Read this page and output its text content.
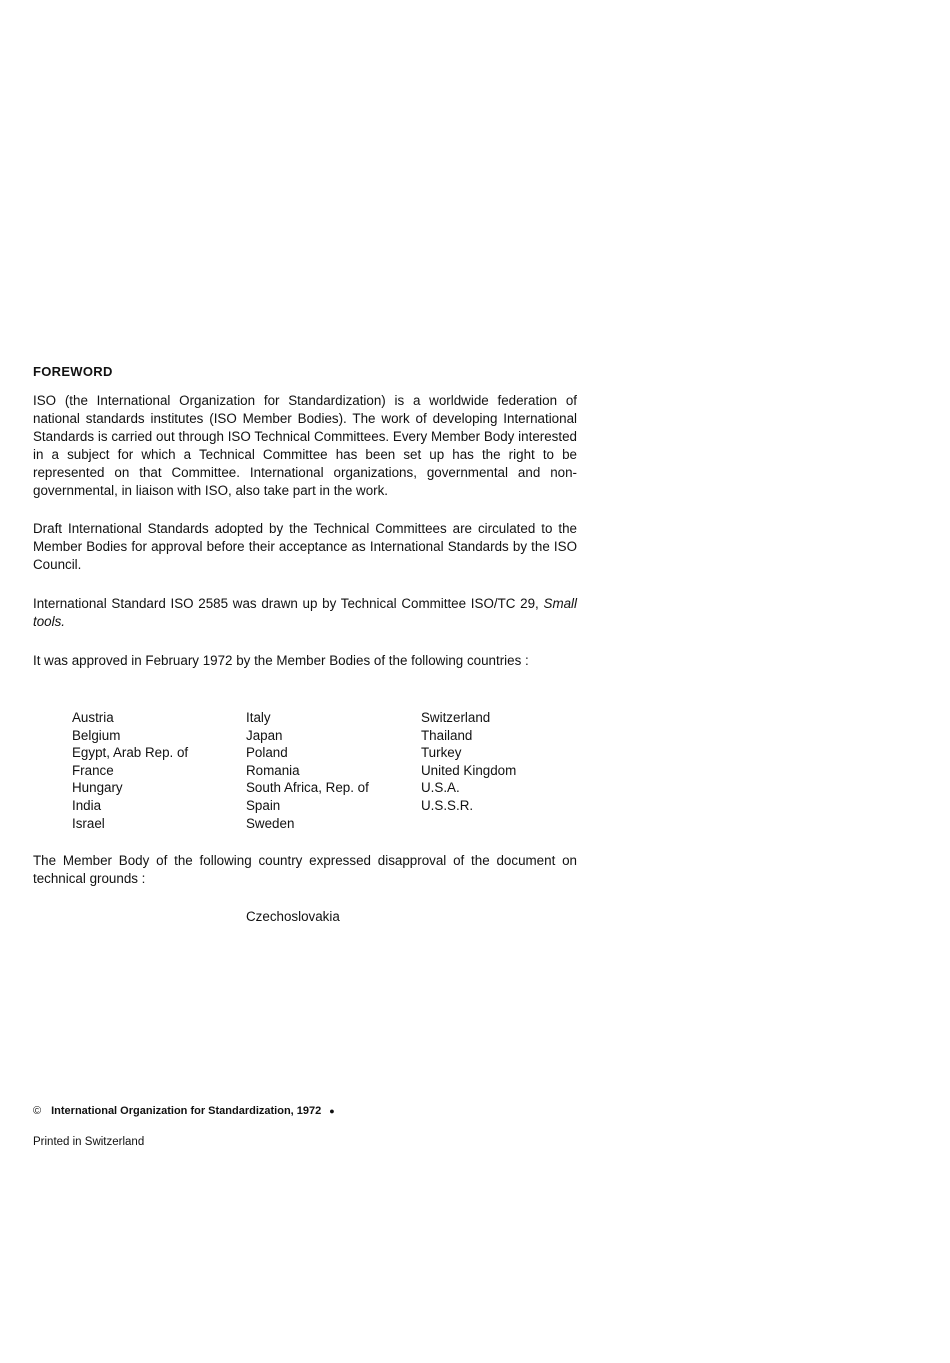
FOREWORD

ISO (the International Organization for Standardization) is a worldwide federation of national standards institutes (ISO Member Bodies). The work of developing International Standards is carried out through ISO Technical Committees. Every Member Body interested in a subject for which a Technical Committee has been set up has the right to be represented on that Committee. International organizations, governmental and non-governmental, in liaison with ISO, also take part in the work.

Draft International Standards adopted by the Technical Committees are circulated to the Member Bodies for approval before their acceptance as International Standards by the ISO Council.

International Standard ISO 2585 was drawn up by Technical Committee ISO/TC 29, Small tools.

It was approved in February 1972 by the Member Bodies of the following countries :

Austria
Belgium
Egypt, Arab Rep. of
France
Hungary
India
Israel
Italy
Japan
Poland
Romania
South Africa, Rep. of
Spain
Sweden
Switzerland
Thailand
Turkey
United Kingdom
U.S.A.
U.S.S.R.

The Member Body of the following country expressed disapproval of the document on technical grounds :

Czechoslovakia
© International Organization for Standardization, 1972 ●
Printed in Switzerland
